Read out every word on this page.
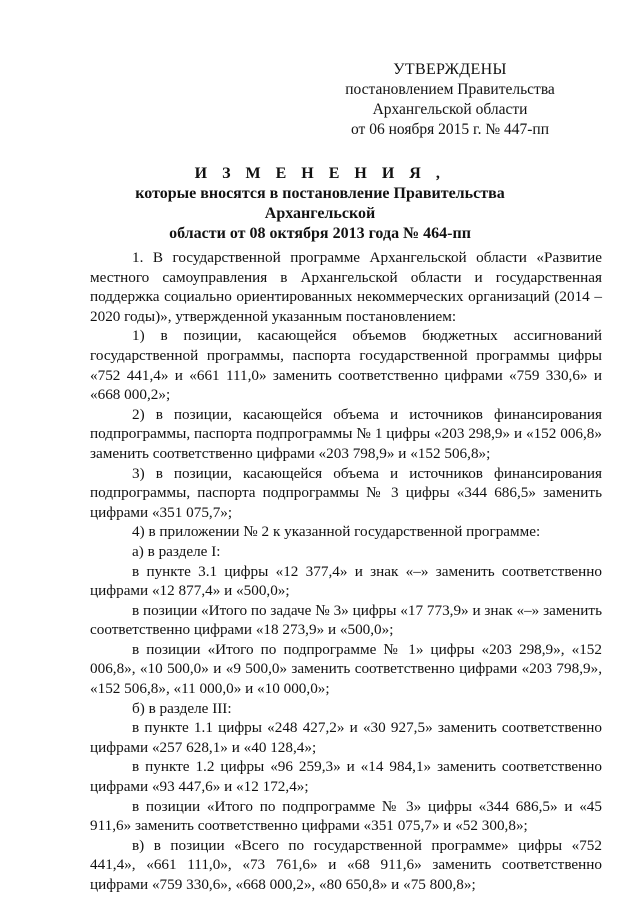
УТВЕРЖДЕНЫ
постановлением Правительства
Архангельской области
от 06 ноября 2015 г. № 447-пп
И З М Е Н Е Н И Я ,
которые вносятся в постановление Правительства Архангельской
области от 08 октября 2013 года № 464-пп

1. В государственной программе Архангельской области «Развитие местного самоуправления в Архангельской области и государственная поддержка социально ориентированных некоммерческих организаций (2014 – 2020 годы)», утвержденной указанным постановлением:

1) в позиции, касающейся объемов бюджетных ассигнований государственной программы, паспорта государственной программы цифры «752 441,4» и «661 111,0» заменить соответственно цифрами «759 330,6» и «668 000,2»;

2) в позиции, касающейся объема и источников финансирования подпрограммы, паспорта подпрограммы № 1 цифры «203 298,9» и «152 006,8» заменить соответственно цифрами «203 798,9» и «152 506,8»;

3) в позиции, касающейся объема и источников финансирования подпрограммы, паспорта подпрограммы № 3 цифры «344 686,5» заменить цифрами «351 075,7»;

4) в приложении № 2 к указанной государственной программе:

а) в разделе I:

в пункте 3.1 цифры «12 377,4» и знак «–» заменить соответственно цифрами «12 877,4» и «500,0»;

в позиции «Итого по задаче № 3» цифры «17 773,9» и знак «–» заменить соответственно цифрами «18 273,9» и «500,0»;

в позиции «Итого по подпрограмме № 1» цифры «203 298,9», «152 006,8», «10 500,0» и «9 500,0» заменить соответственно цифрами «203 798,9», «152 506,8», «11 000,0» и «10 000,0»;

б) в разделе III:

в пункте 1.1 цифры «248 427,2» и «30 927,5» заменить соответственно цифрами «257 628,1» и «40 128,4»;

в пункте 1.2 цифры «96 259,3» и «14 984,1» заменить соответственно цифрами «93 447,6» и «12 172,4»;

в позиции «Итого по подпрограмме № 3» цифры «344 686,5» и «45 911,6» заменить соответственно цифрами «351 075,7» и «52 300,8»;

в) в позиции «Всего по государственной программе» цифры «752 441,4», «661 111,0», «73 761,6» и «68 911,6» заменить соответственно цифрами «759 330,6», «668 000,2», «80 650,8» и «75 800,8»;
